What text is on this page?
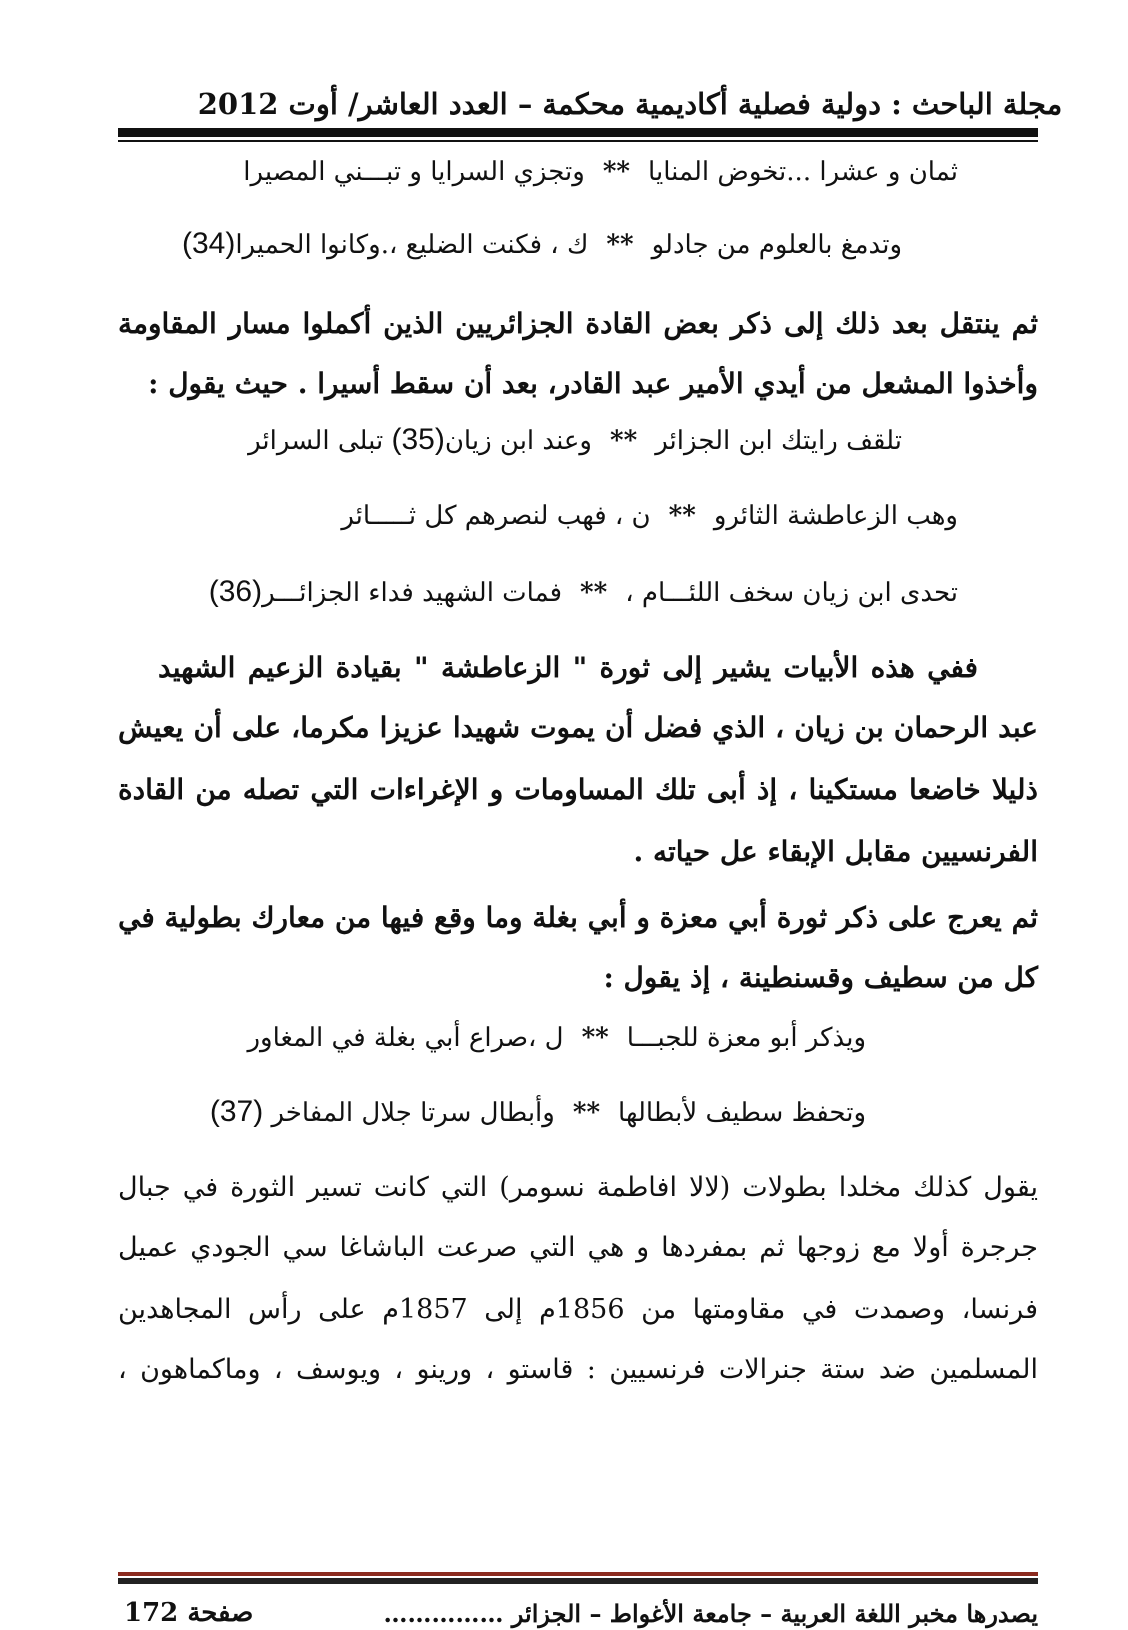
مجلة الباحث : دولية فصلية أكاديمية محكمة – العدد العاشر/ أوت 2012
ثمان و عشرا ...تخوض المنايا**وتجزي السرايا و تبـــني المصيرا
وتدمغ بالعلوم من جادلو**ك ، فكنت الضليع ،.وكانوا الحميرا(34)
ثم ينتقل بعد ذلك إلى ذكر بعض القادة الجزائريين الذين أكملوا مسار المقاومة
وأخذوا المشعل من أيدي الأمير عبد القادر، بعد أن سقط أسيرا . حيث يقول :
تلقف رايتك ابن الجزائر**وعند ابن زيان(35) تبلى السرائر
وهب الزعاطشة الثائرو**ن ، فهب لنصرهم كل ثـــــائر
تحدى ابن زيان سخف اللئـــام ،**فمات الشهيد فداء الجزائـــر(36)
ففي هذه الأبيات يشير إلى ثورة " الزعاطشة " بقيادة الزعيم الشهيد
عبد الرحمان بن زيان ، الذي فضل أن يموت شهيدا عزيزا مكرما، على أن يعيش
ذليلا خاضعا مستكينا ، إذ أبى تلك المساومات و الإغراءات التي تصله من القادة
الفرنسيين مقابل الإبقاء عل حياته .
ثم يعرج على ذكر ثورة أبي معزة و أبي بغلة وما وقع فيها من معارك بطولية في
كل من سطيف وقسنطينة ، إذ يقول :
ويذكر أبو معزة للجبـــا**ل ،صراع أبي بغلة في المغاور
وتحفظ سطيف لأبطالها**وأبطال سرتا جلال المفاخر (37)
يقول كذلك مخلدا بطولات (لالا افاطمة نسومر) التي كانت تسير الثورة في جبال
جرجرة أولا مع زوجها ثم بمفردها و هي التي صرعت الباشاغا سي الجودي عميل
فرنسا، وصمدت في مقاومتها من 1856م إلى 1857م على رأس المجاهدين
المسلمين ضد ستة جنرالات فرنسيين : قاستو ، ورينو ، ويوسف ، وماكماهون ،
يصدرها مخبر اللغة العربية – جامعة الأغواط – الجزائر ……………
صفحة 172
